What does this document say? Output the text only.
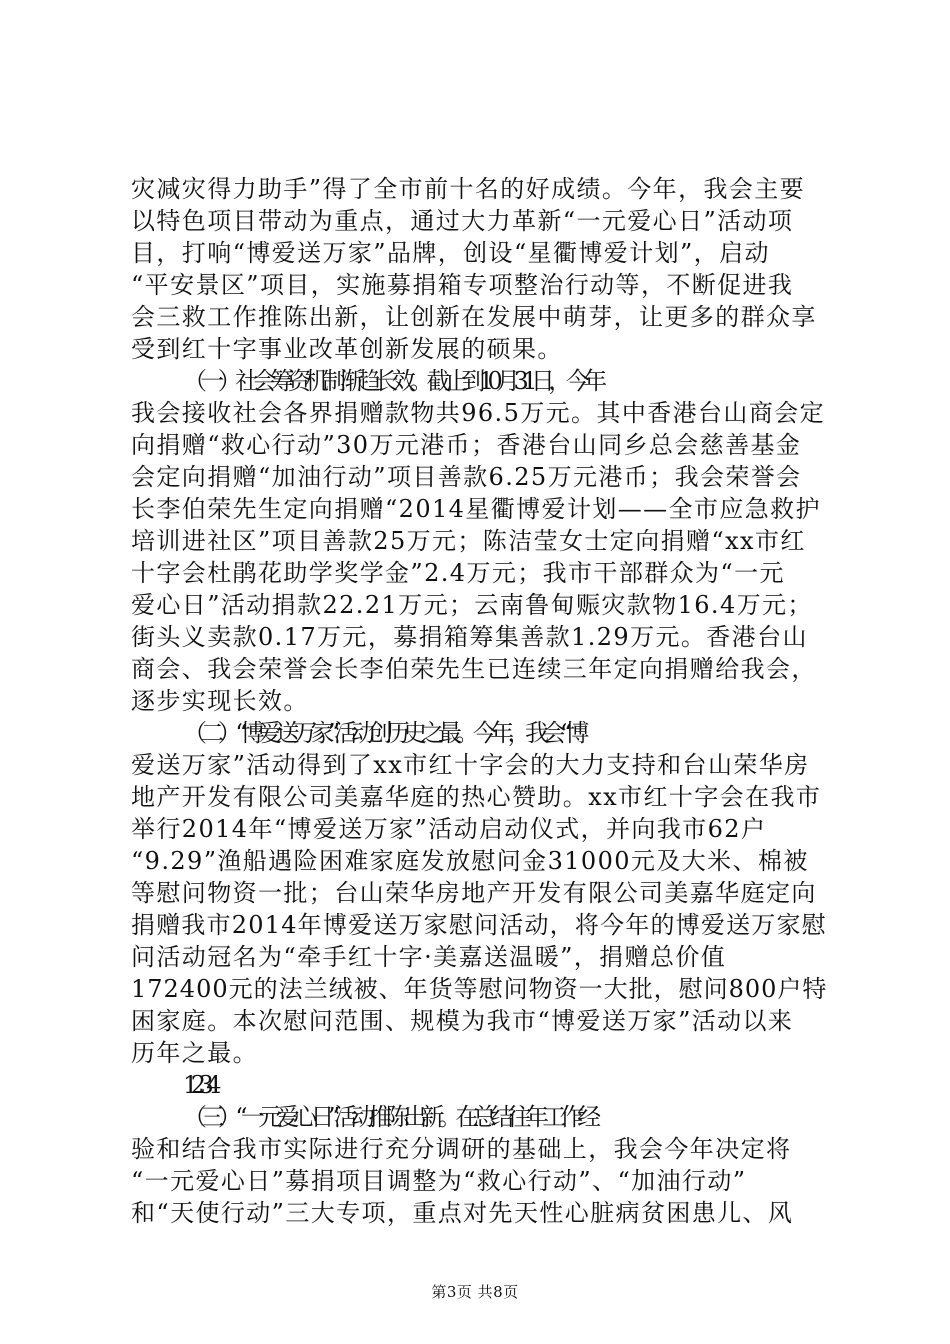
灾减灾得力助手”得了全市前十名的好成绩。今年，我会主要
以特色项目带动为重点，通过大力革新“一元爱心日”活动项
目，打响“博爱送万家”品牌，创设“星衢博爱计划”，启动
“平安景区”项目，实施募捐箱专项整治行动等，不断促进我
会三救工作推陈出新，让创新在发展中萌芽，让更多的群众享
受到红十字事业改革创新发展的硕果。
（一）社会筹资机制渐趋长效。截止到10月31日，今年
我会接收社会各界捐赠款物共96.5万元。其中香港台山商会定
向捐赠“救心行动”30万元港币；香港台山同乡总会慈善基金
会定向捐赠“加油行动”项目善款6.25万元港币；我会荣誉会
长李伯荣先生定向捐赠“2014星衢博爱计划——全市应急救护
培训进社区”项目善款25万元；陈洁莹女士定向捐赠“xx市红
十字会杜鹃花助学奖学金”2.4万元；我市干部群众为“一元
爱心日”活动捐款22.21万元；云南鲁甸赈灾款物16.4万元；
街头义卖款0.17万元，募捐箱筹集善款1.29万元。香港台山
商会、我会荣誉会长李伯荣先生已连续三年定向捐赠给我会，
逐步实现长效。
（二）“博爱送万家”活动创历史之最。今年，我会“博
爱送万家”活动得到了xx市红十字会的大力支持和台山荣华房
地产开发有限公司美嘉华庭的热心赞助。xx市红十字会在我市
举行2014年“博爱送万家”活动启动仪式，并向我市62户
“9.29”渔船遇险困难家庭发放慰问金31000元及大米、棉被
等慰问物资一批；台山荣华房地产开发有限公司美嘉华庭定向
捐赠我市2014年博爱送万家慰问活动，将今年的博爱送万家慰
问活动冠名为“牵手红十字·美嘉送温暖”，捐赠总价值
172400元的法兰绒被、年货等慰问物资一大批，慰问800户特
困家庭。本次慰问范围、规模为我市“博爱送万家”活动以来
历年之最。
1234
（三）“一元爱心日”活动推陈出新。在总结往年工作经
验和结合我市实际进行充分调研的基础上，我会今年决定将
“一元爱心日”募捐项目调整为“救心行动”、“加油行动”
和“天使行动”三大专项，重点对先天性心脏病贫困患儿、风
第3页 共8页
